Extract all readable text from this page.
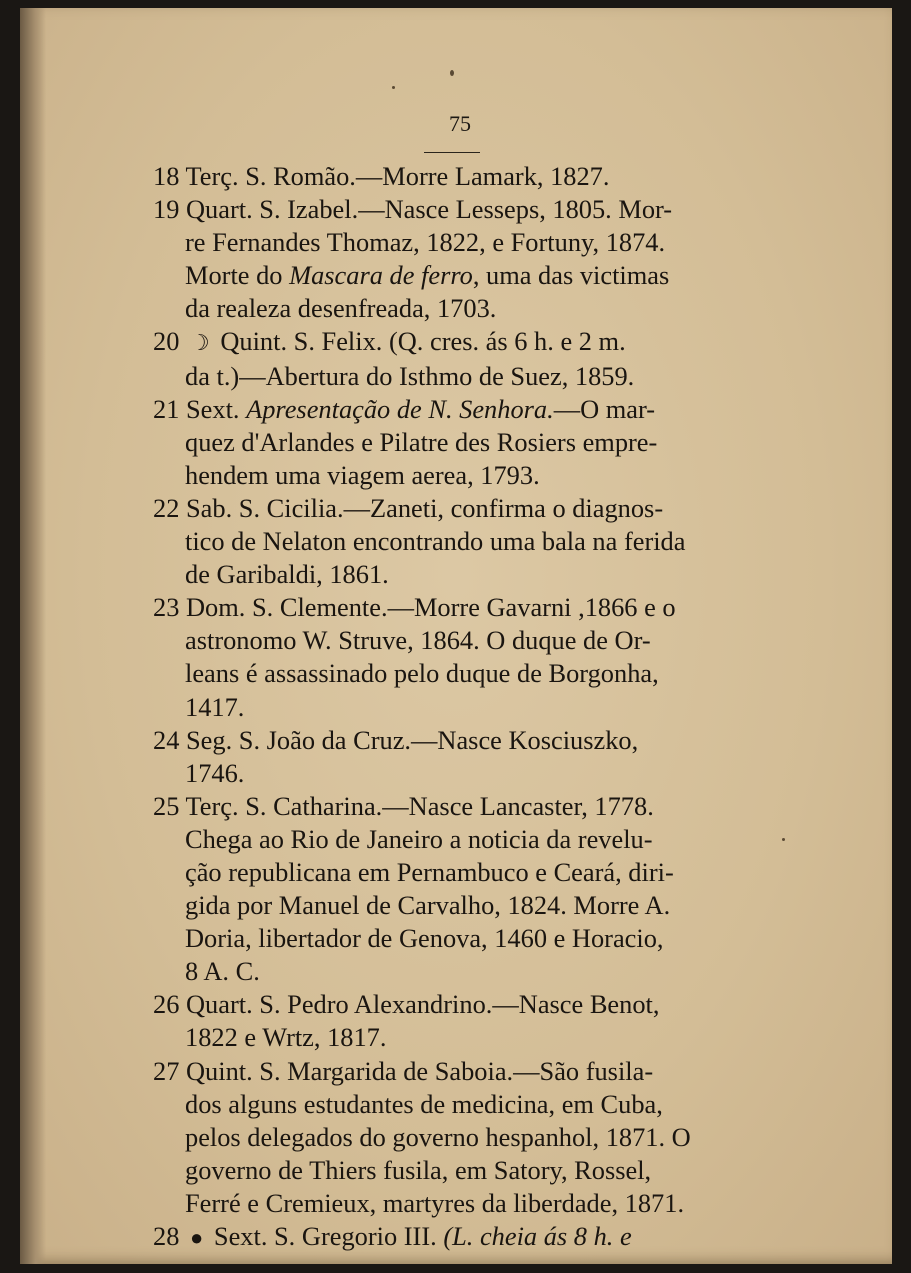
75
18 Terç. S. Romão.—Morre Lamark, 1827.
19 Quart. S. Izabel.—Nasce Lesseps, 1805. Mor-
re Fernandes Thomaz, 1822, e Fortuny, 1874.
Morte do Mascara de ferro, uma das victimas
da realeza desenfreada, 1703.
20 ☽ Quint. S. Felix. (Q. cres. ás 6 h. e 2 m.
da t.)—Abertura do Isthmo de Suez, 1859.
21 Sext. Apresentação de N. Senhora.—O mar-
quez d'Arlandes e Pilatre des Rosiers empre-
hendem uma viagem aerea, 1793.
22 Sab. S. Cicilia.—Zaneti, confirma o diagnos-
tico de Nelaton encontrando uma bala na ferida
de Garibaldi, 1861.
23 Dom. S. Clemente.—Morre Gavarni ,1866 e o
astronomo W. Struve, 1864. O duque de Or-
leans é assassinado pelo duque de Borgonha,
1417.
24 Seg. S. João da Cruz.—Nasce Kosciuszko,
1746.
25 Terç. S. Catharina.—Nasce Lancaster, 1778.
Chega ao Rio de Janeiro a noticia da revelu-
ção republicana em Pernambuco e Ceará, diri-
gida por Manuel de Carvalho, 1824. Morre A.
Doria, libertador de Genova, 1460 e Horacio,
8 A. C.
26 Quart. S. Pedro Alexandrino.—Nasce Benot,
1822 e Wrtz, 1817.
27 Quint. S. Margarida de Saboia.—São fusila-
dos alguns estudantes de medicina, em Cuba,
pelos delegados do governo hespanhol, 1871. O
governo de Thiers fusila, em Satory, Rossel,
Ferré e Cremieux, martyres da liberdade, 1871.
28 ● Sext. S. Gregorio III. (L. cheia ás 8 h. e
